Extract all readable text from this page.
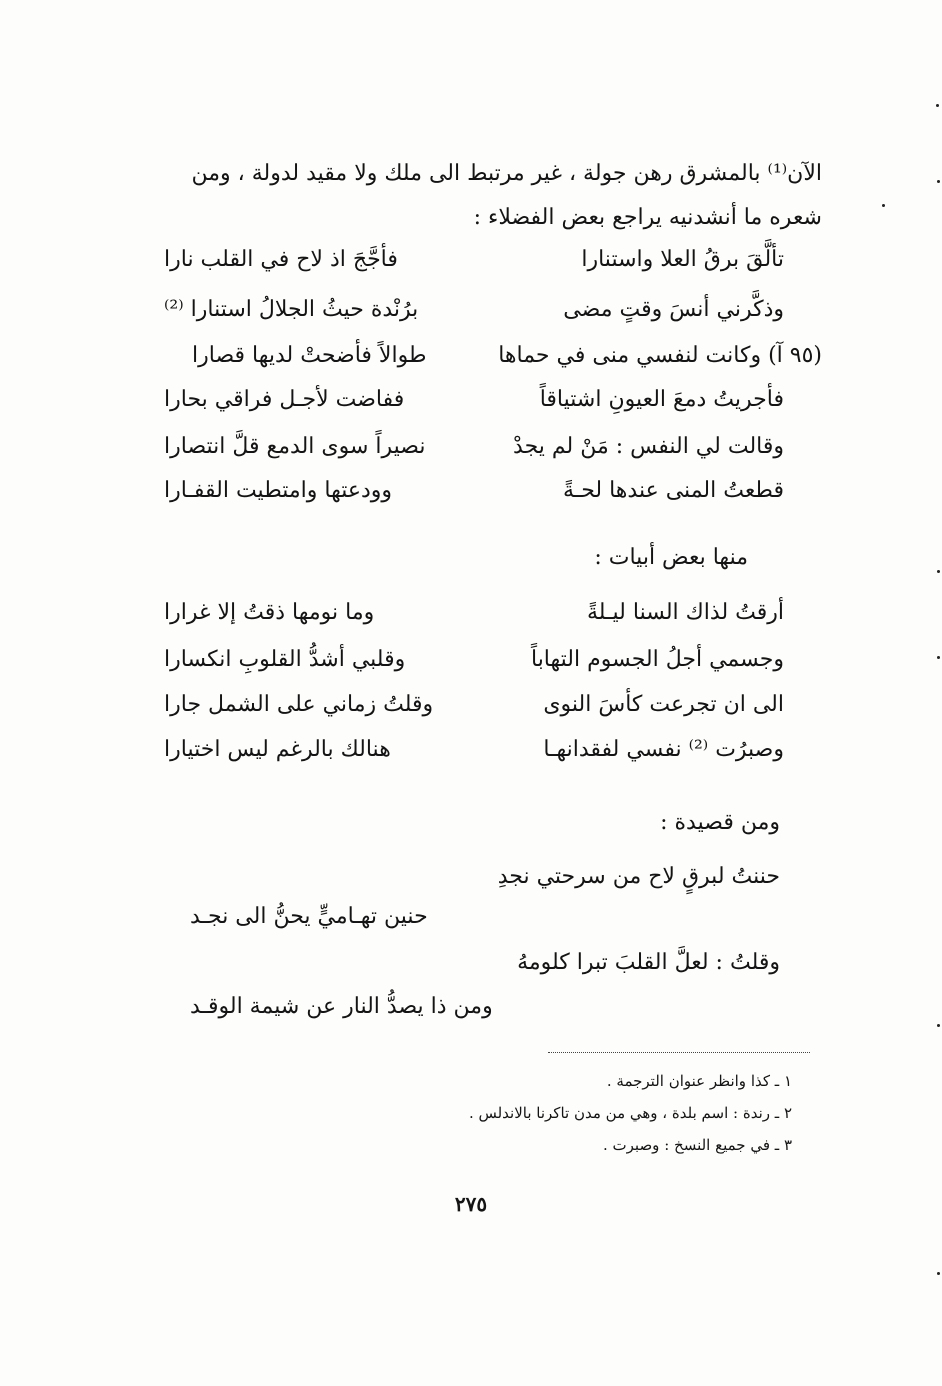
الآن⁽¹⁾ بالمشرق رهن جولة ، غير مرتبط الى ملك ولا مقيد لدولة ، ومن
شعره ما أنشدنيه يراجع بعض الفضلاء :
تألَّقَ برقُ العلا واستنارا
فأجَّجَ اذ لاح في القلب نارا
وذكَّرني أنسَ وقتٍ مضى
برُنْدة حيثُ الجلالُ استنارا ⁽²⁾
(٩٥ آ) وكانت لنفسي منى في حماها
طوالاً فأضحتْ لديها قصارا
فأجريتُ دمعَ العيونِ اشتياقاً
ففاضت لأجـل فراقي بحارا
وقالت لي النفس : مَنْ لم يجدْ
نصيراً سوى الدمع قلَّ انتصارا
قطعتُ المنى عندها لحـةً
وودعتها وامتطيت القفـارا
منها بعض أبيات :
أرقتُ لذاك السنا ليـلةً
وما نومها ذقتُ إلا غرارا
وجسمي أجلُ الجسوم التهاباً
وقلبي أشدُّ القلوبِ انكسارا
الى ان تجرعت كأسَ النوى
وقلتُ زماني على الشمل جارا
وصبرُت ⁽²⁾ نفسي لفقدانهـا
هنالك بالرغم ليس اختيارا
ومن قصيدة :
حننتُ لبرقٍ لاح من سرحتي نجدِ
حنين تهـاميٍّ يحنُّ الى نجـد
وقلتُ : لعلَّ القلبَ تبرا كلومهُ
ومن ذا يصدُّ النار عن شيمة الوقـد
١ ـ كذا وانظر عنوان الترجمة .
٢ ـ رندة : اسم بلدة ، وهي من مدن تاكرنا بالاندلس .
٣ ـ في جميع النسخ : وصبرت .
٢٧٥
